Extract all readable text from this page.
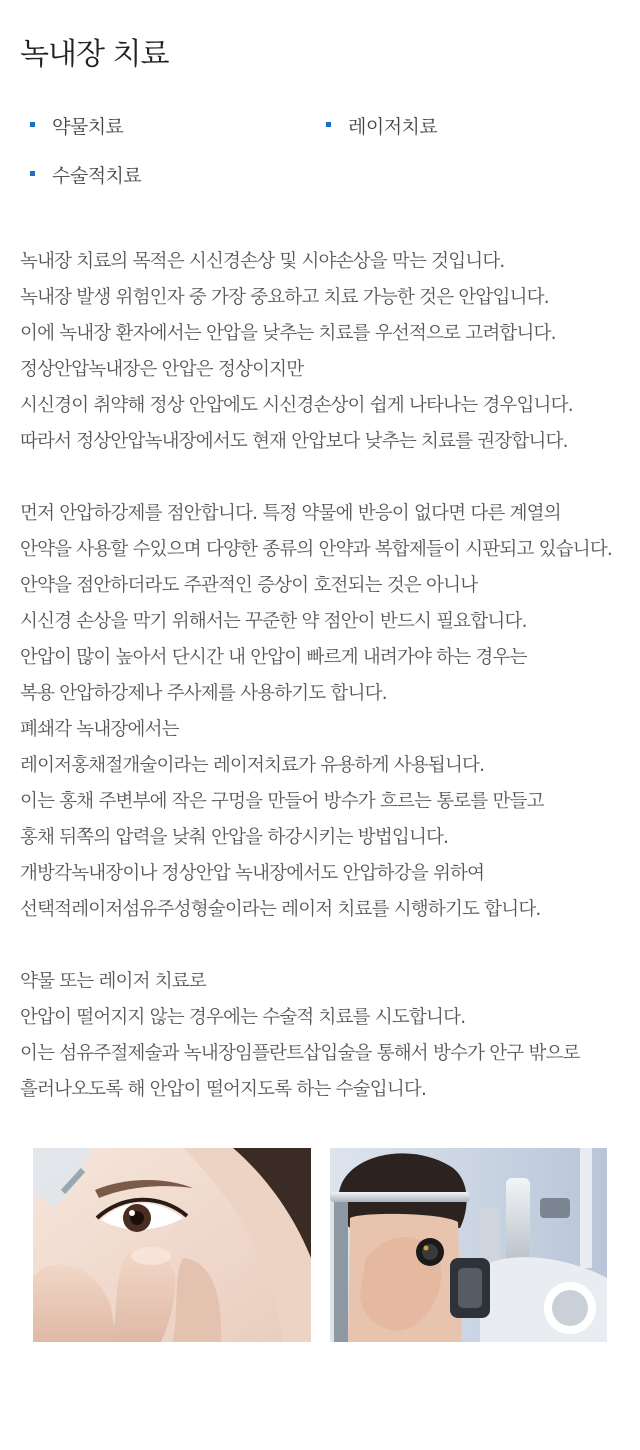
녹내장 치료
약물치료	레이저치료
수술적치료
녹내장 치료의 목적은 시신경손상 및 시야손상을 막는 것입니다.
녹내장 발생 위험인자 중 가장 중요하고 치료 가능한 것은 안압입니다.
이에 녹내장 환자에서는 안압을 낮추는 치료를 우선적으로 고려합니다.
정상안압녹내장은 안압은 정상이지만
시신경이 취약해 정상 안압에도 시신경손상이 쉽게 나타나는 경우입니다.
따라서 정상안압녹내장에서도 현재 안압보다 낮추는 치료를 권장합니다.
먼저 안압하강제를 점안합니다. 특정 약물에 반응이 없다면 다른 계열의
안약을 사용할 수있으며 다양한 종류의 안약과 복합제들이 시판되고 있습니다.
안약을 점안하더라도 주관적인 증상이 호전되는 것은 아니나
시신경 손상을 막기 위해서는 꾸준한 약 점안이 반드시 필요합니다.
안압이 많이 높아서 단시간 내 안압이 빠르게 내려가야 하는 경우는
복용 안압하강제나 주사제를 사용하기도 합니다.
폐쇄각 녹내장에서는
레이저홍채절개술이라는 레이저치료가 유용하게 사용됩니다.
이는 홍채 주변부에 작은 구멍을 만들어 방수가 흐르는 통로를 만들고
홍채 뒤쪽의 압력을 낮춰 안압을 하강시키는 방법입니다.
개방각녹내장이나 정상안압 녹내장에서도 안압하강을 위하여
선택적레이저섬유주성형술이라는 레이저 치료를 시행하기도 합니다.
약물 또는 레이저 치료로
안압이 떨어지지 않는 경우에는 수술적 치료를 시도합니다.
이는 섬유주절제술과 녹내장임플란트삽입술을 통해서 방수가 안구 밖으로
흘러나오도록 해 안압이 떨어지도록 하는 수술입니다.
